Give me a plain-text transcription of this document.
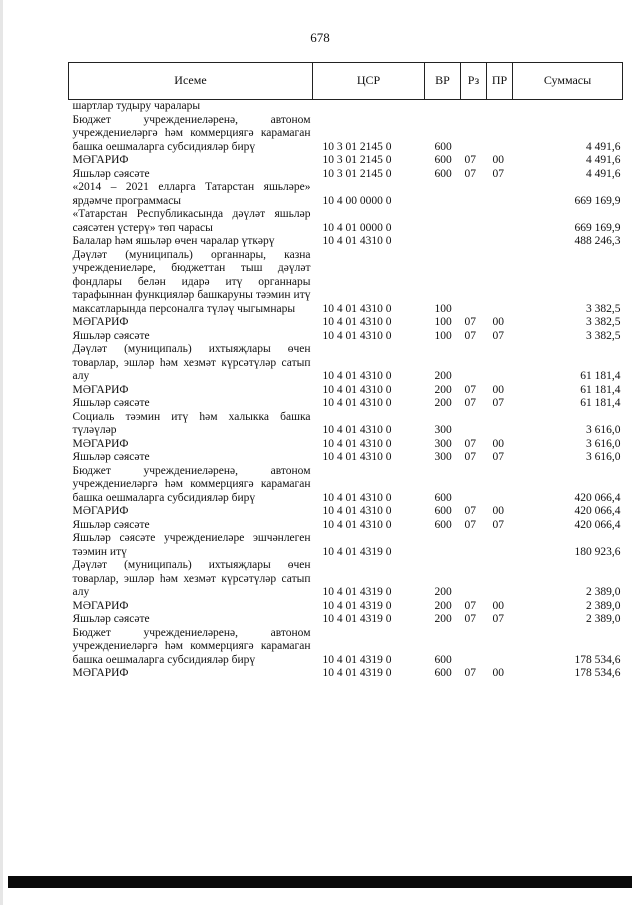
678
Исеме	ЦСР	ВР	Рз	ПР	Суммасы
шартлар тудыру чаралары					
Бюджет учреждениеләренә, автоном учреждениеләргә һәм коммерциягә карамаган башка оешмаларга субсидияләр бирү	10 3 01 2145 0	600			4 491,6
МӘГАРИФ	10 3 01 2145 0	600	07	00	4 491,6
Яшьләр сәясәте	10 3 01 2145 0	600	07	07	4 491,6
«2014 – 2021 елларга Татарстан яшьләре» ярдәмче программасы	10 4 00 0000 0				669 169,9
«Татарстан Республикасында дәүләт яшьләр сәясәтен үстерү» төп чарасы	10 4 01 0000 0				669 169,9
Балалар һәм яшьләр өчен чаралар үткәрү	10 4 01 4310 0				488 246,3
Дәүләт (муниципаль) органнары, казна учреждениеләре, бюджеттан тыш дәүләт фондлары белән идарә итү органнары тарафыннан функцияләр башкаруны тәэмин итү максатларында персоналга түләү чыгымнары	10 4 01 4310 0	100			3 382,5
МӘГАРИФ	10 4 01 4310 0	100	07	00	3 382,5
Яшьләр сәясәте	10 4 01 4310 0	100	07	07	3 382,5
Дәүләт (муниципаль) ихтыяҗлары өчен товарлар, эшләр һәм хезмәт күрсәтүләр сатып алу	10 4 01 4310 0	200			61 181,4
МӘГАРИФ	10 4 01 4310 0	200	07	00	61 181,4
Яшьләр сәясәте	10 4 01 4310 0	200	07	07	61 181,4
Социаль тәэмин итү һәм халыкка башка түләүләр	10 4 01 4310 0	300			3 616,0
МӘГАРИФ	10 4 01 4310 0	300	07	00	3 616,0
Яшьләр сәясәте	10 4 01 4310 0	300	07	07	3 616,0
Бюджет учреждениеләренә, автоном учреждениеләргә һәм коммерциягә карамаган башка оешмаларга субсидияләр бирү	10 4 01 4310 0	600			420 066,4
МӘГАРИФ	10 4 01 4310 0	600	07	00	420 066,4
Яшьләр сәясәте	10 4 01 4310 0	600	07	07	420 066,4
Яшьләр сәясәте учреждениеләре эшчәнлеген тәэмин итү	10 4 01 4319 0				180 923,6
Дәүләт (муниципаль) ихтыяҗлары өчен товарлар, эшләр һәм хезмәт күрсәтүләр сатып алу	10 4 01 4319 0	200			2 389,0
МӘГАРИФ	10 4 01 4319 0	200	07	00	2 389,0
Яшьләр сәясәте	10 4 01 4319 0	200	07	07	2 389,0
Бюджет учреждениеләренә, автоном учреждениеләргә һәм коммерциягә карамаган башка оешмаларга субсидияләр бирү	10 4 01 4319 0	600			178 534,6
МӘГАРИФ	10 4 01 4319 0	600	07	00	178 534,6
